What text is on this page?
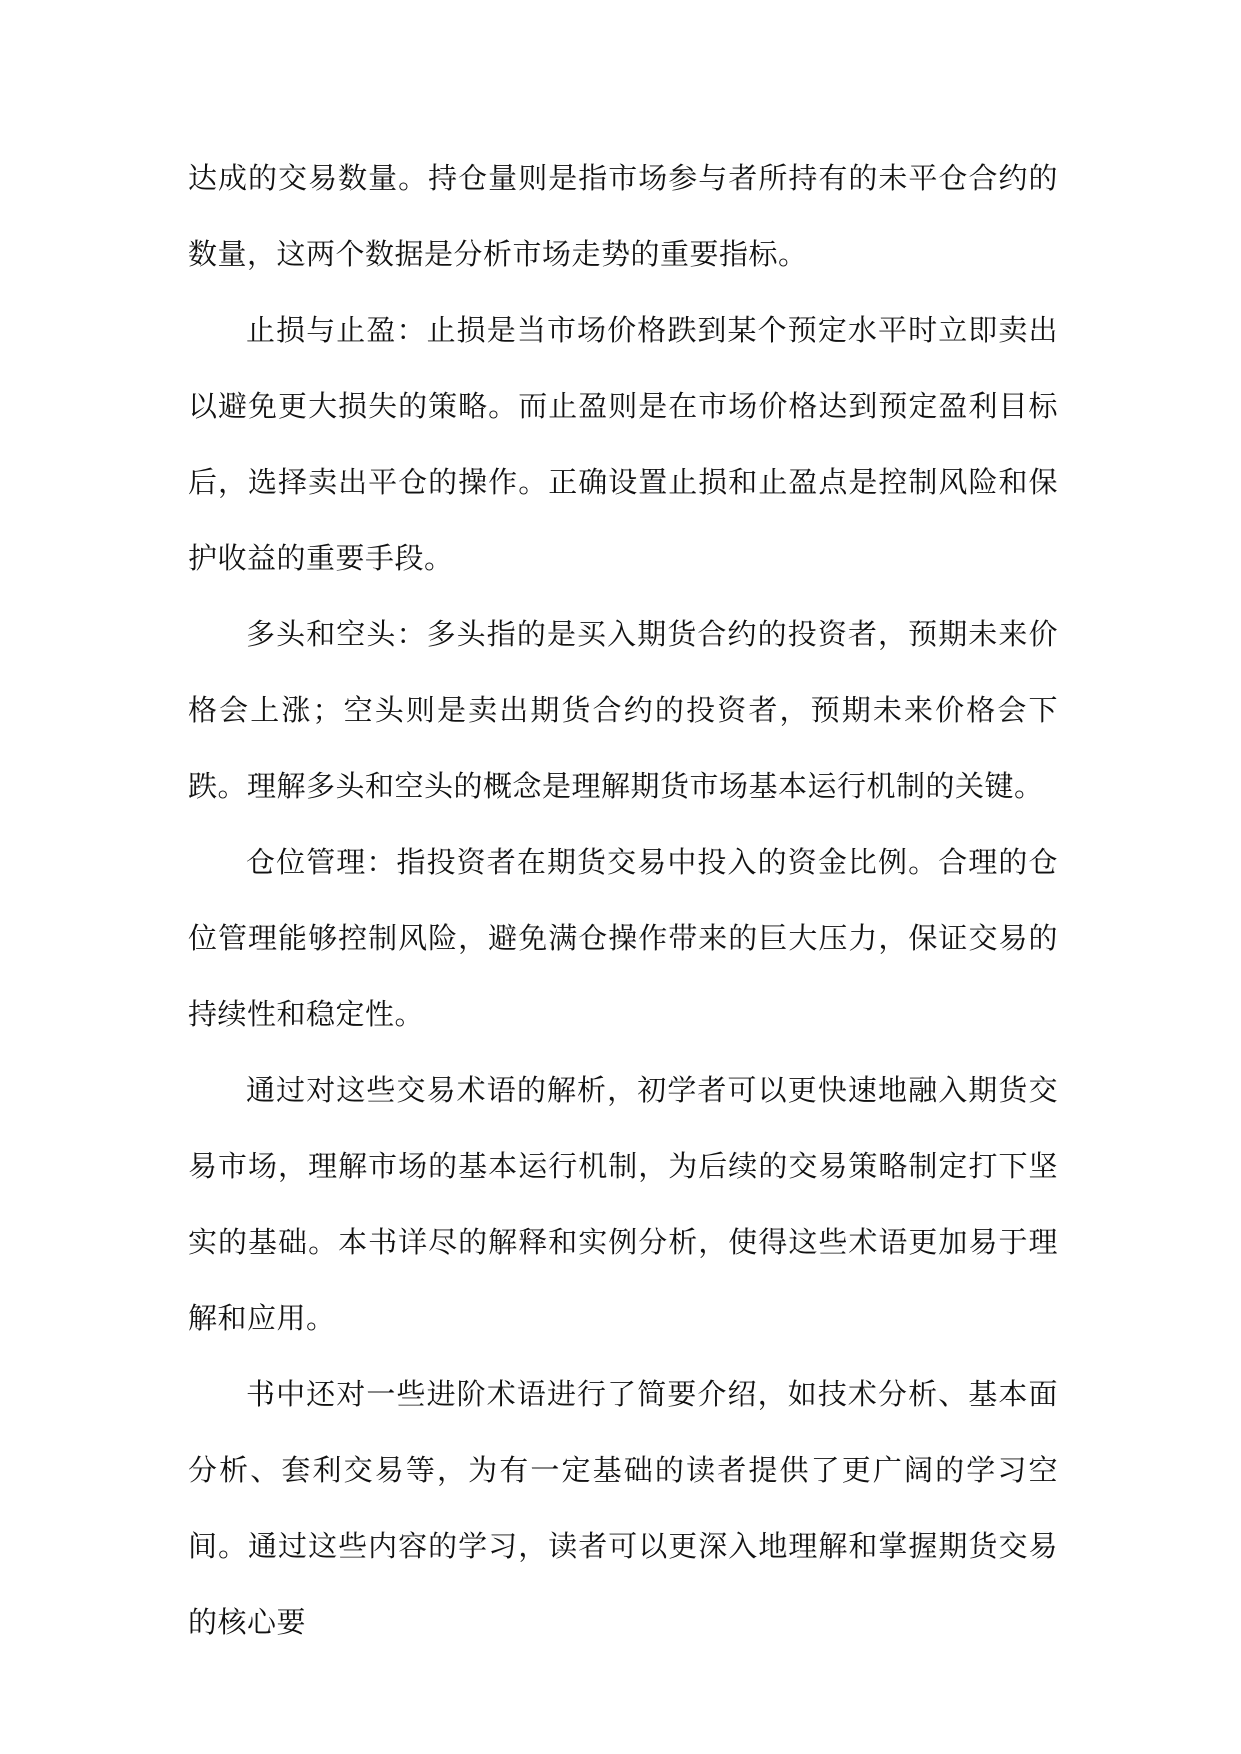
达成的交易数量。持仓量则是指市场参与者所持有的未平仓合约的数量，这两个数据是分析市场走势的重要指标。

止损与止盈：止损是当市场价格跌到某个预定水平时立即卖出以避免更大损失的策略。而止盈则是在市场价格达到预定盈利目标后，选择卖出平仓的操作。正确设置止损和止盈点是控制风险和保护收益的重要手段。

多头和空头：多头指的是买入期货合约的投资者，预期未来价格会上涨；空头则是卖出期货合约的投资者，预期未来价格会下跌。理解多头和空头的概念是理解期货市场基本运行机制的关键。

仓位管理：指投资者在期货交易中投入的资金比例。合理的仓位管理能够控制风险，避免满仓操作带来的巨大压力，保证交易的持续性和稳定性。

通过对这些交易术语的解析，初学者可以更快速地融入期货交易市场，理解市场的基本运行机制，为后续的交易策略制定打下坚实的基础。本书详尽的解释和实例分析，使得这些术语更加易于理解和应用。

书中还对一些进阶术语进行了简要介绍，如技术分析、基本面分析、套利交易等，为有一定基础的读者提供了更广阔的学习空间。通过这些内容的学习，读者可以更深入地理解和掌握期货交易的核心要
